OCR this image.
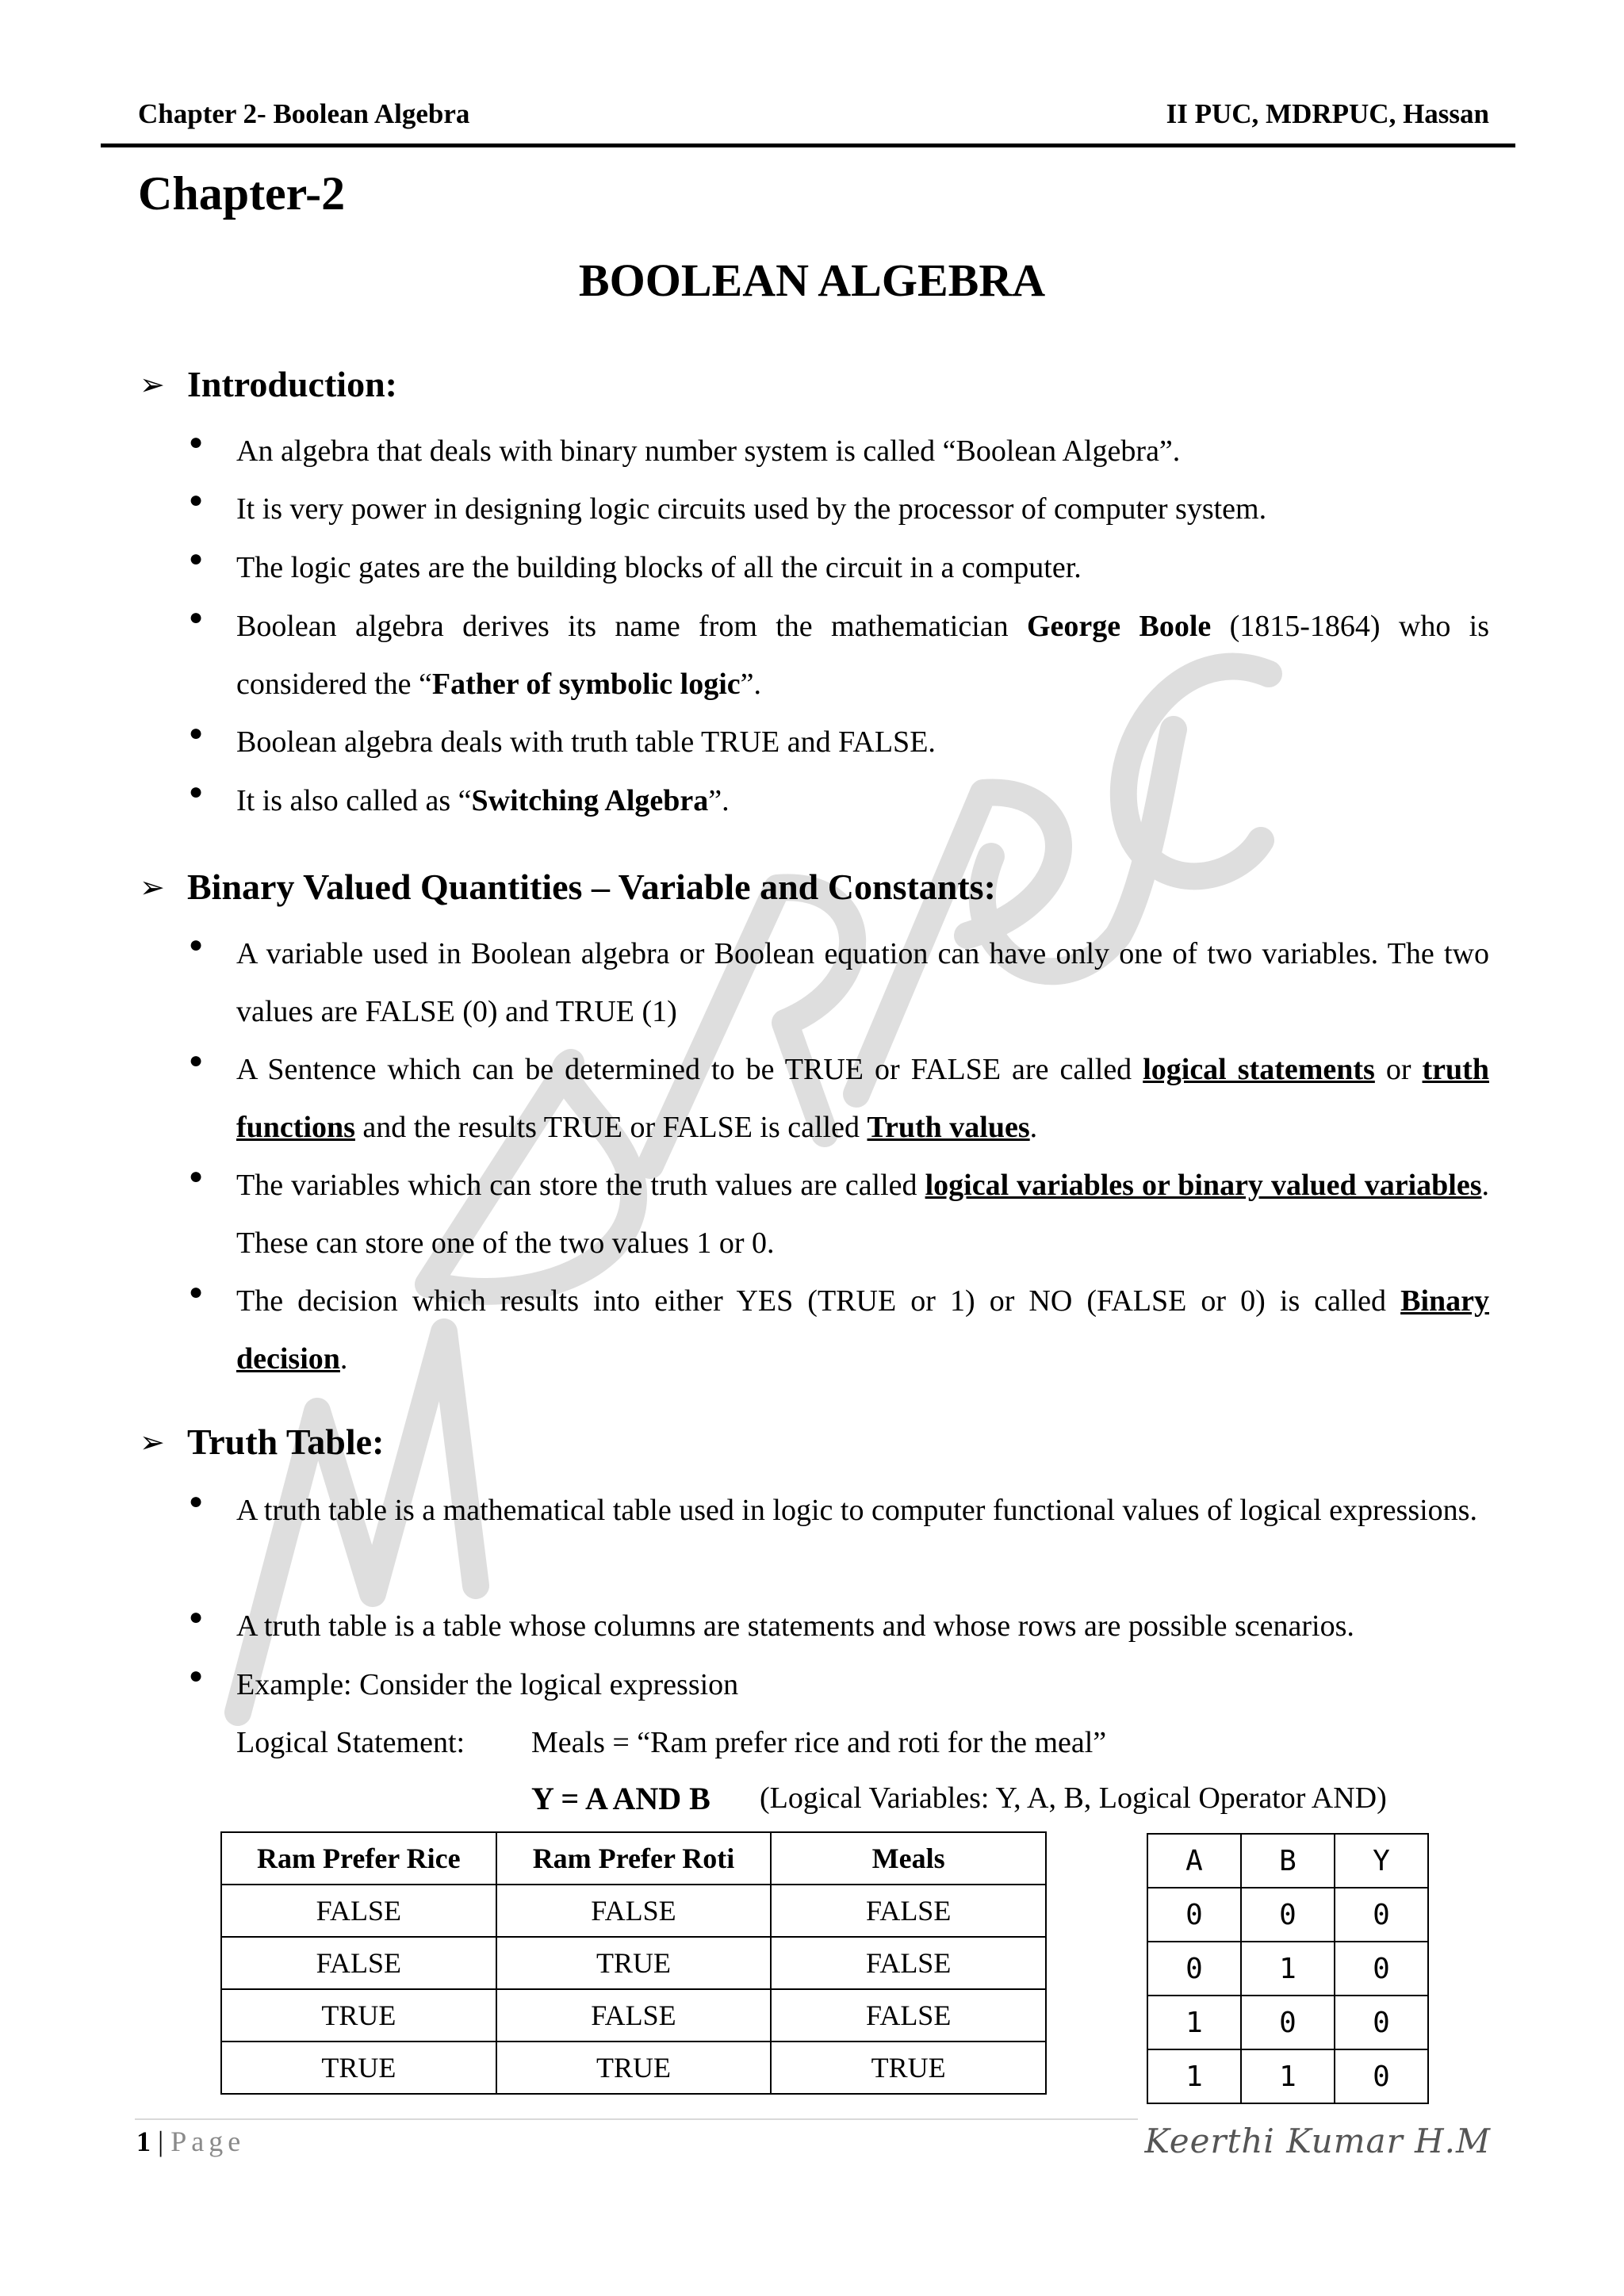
Chapter 2- Boolean Algebra	II PUC, MDRPUC, Hassan
Chapter-2
BOOLEAN ALGEBRA
➢ Introduction:
● An algebra that deals with binary number system is called “Boolean Algebra”.
● It is very power in designing logic circuits used by the processor of computer system.
● The logic gates are the building blocks of all the circuit in a computer.
● Boolean algebra derives its name from the mathematician George Boole (1815-1864) who is considered the “Father of symbolic logic”.
● Boolean algebra deals with truth table TRUE and FALSE.
● It is also called as “Switching Algebra”.
➢ Binary Valued Quantities – Variable and Constants:
● A variable used in Boolean algebra or Boolean equation can have only one of two variables. The two values are FALSE (0) and TRUE (1)
● A Sentence which can be determined to be TRUE or FALSE are called logical statements or truth functions and the results TRUE or FALSE is called Truth values.
● The variables which can store the truth values are called logical variables or binary valued variables. These can store one of the two values 1 or 0.
● The decision which results into either YES (TRUE or 1) or NO (FALSE or 0) is called Binary decision.
➢ Truth Table:
● A truth table is a mathematical table used in logic to computer functional values of logical expressions.
● A truth table is a table whose columns are statements and whose rows are possible scenarios.
● Example: Consider the logical expression
Logical Statement: Meals = “Ram prefer rice and roti for the meal”
Y = A AND B (Logical Variables: Y, A, B, Logical Operator AND)
Ram Prefer Rice	Ram Prefer Roti	Meals
FALSE	FALSE	FALSE
FALSE	TRUE	FALSE
TRUE	FALSE	FALSE
TRUE	TRUE	TRUE
A	B	Y
0	0	0
0	1	0
1	0	0
1	1	0
1 | Page	Keerthi Kumar H.M
